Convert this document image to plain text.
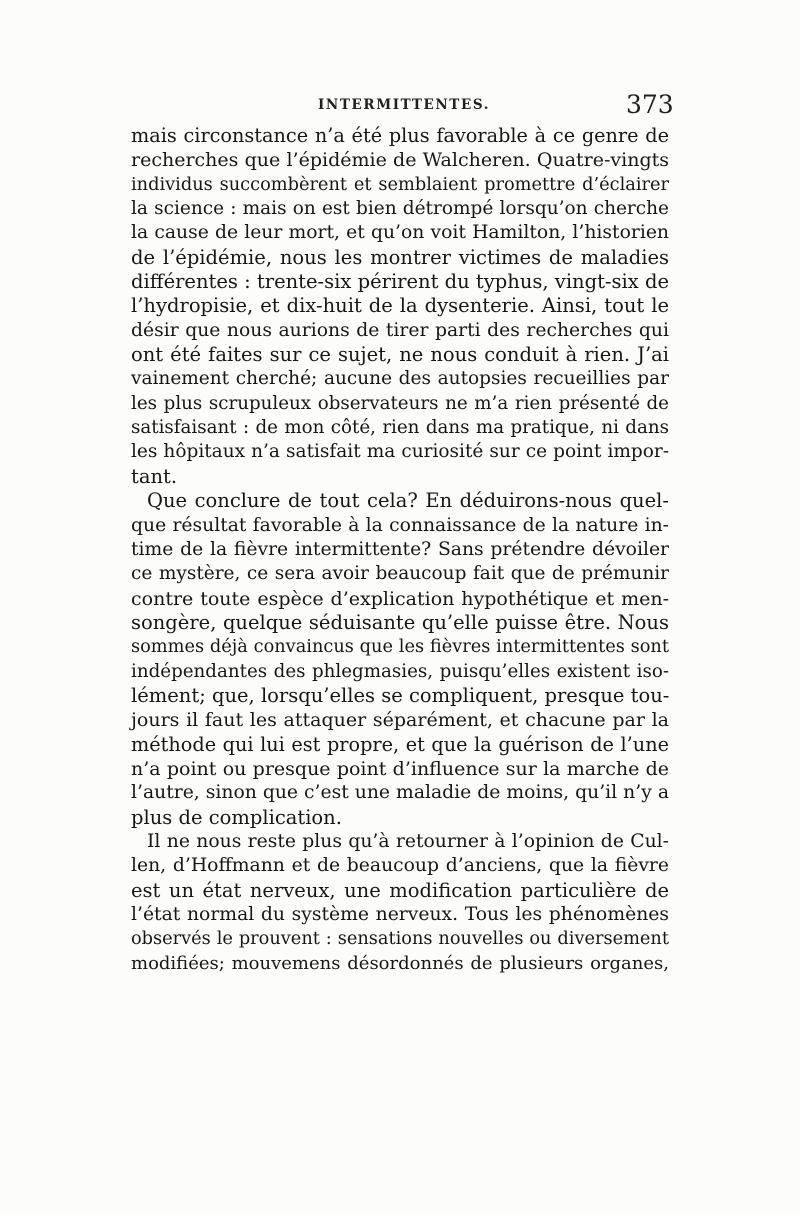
INTERMITTENTES.	373
mais circonstance n’a été plus favorable à ce genre de
recherches que l’épidémie de Walcheren. Quatre-vingts
individus succombèrent et semblaient promettre d’éclairer
la science : mais on est bien détrompé lorsqu’on cherche
la cause de leur mort, et qu’on voit Hamilton, l’historien
de l’épidémie, nous les montrer victimes de maladies
différentes : trente-six périrent du typhus, vingt-six de
l’hydropisie, et dix-huit de la dysenterie. Ainsi, tout le
désir que nous aurions de tirer parti des recherches qui
ont été faites sur ce sujet, ne nous conduit à rien. J’ai
vainement cherché; aucune des autopsies recueillies par
les plus scrupuleux observateurs ne m’a rien présenté de
satisfaisant : de mon côté, rien dans ma pratique, ni dans
les hôpitaux n’a satisfait ma curiosité sur ce point impor-
tant.
Que conclure de tout cela? En déduirons-nous quel-
que résultat favorable à la connaissance de la nature in-
time de la fièvre intermittente? Sans prétendre dévoiler
ce mystère, ce sera avoir beaucoup fait que de prémunir
contre toute espèce d’explication hypothétique et men-
songère, quelque séduisante qu’elle puisse être. Nous
sommes déjà convaincus que les fièvres intermittentes sont
indépendantes des phlegmasies, puisqu’elles existent iso-
lément; que, lorsqu’elles se compliquent, presque tou-
jours il faut les attaquer séparément, et chacune par la
méthode qui lui est propre, et que la guérison de l’une
n’a point ou presque point d’influence sur la marche de
l’autre, sinon que c’est une maladie de moins, qu’il n’y a
plus de complication.
Il ne nous reste plus qu’à retourner à l’opinion de Cul-
len, d’Hoffmann et de beaucoup d’anciens, que la fièvre
est un état nerveux, une modification particulière de
l’état normal du système nerveux. Tous les phénomènes
observés le prouvent : sensations nouvelles ou diversement
modifiées; mouvemens désordonnés de plusieurs organes,
